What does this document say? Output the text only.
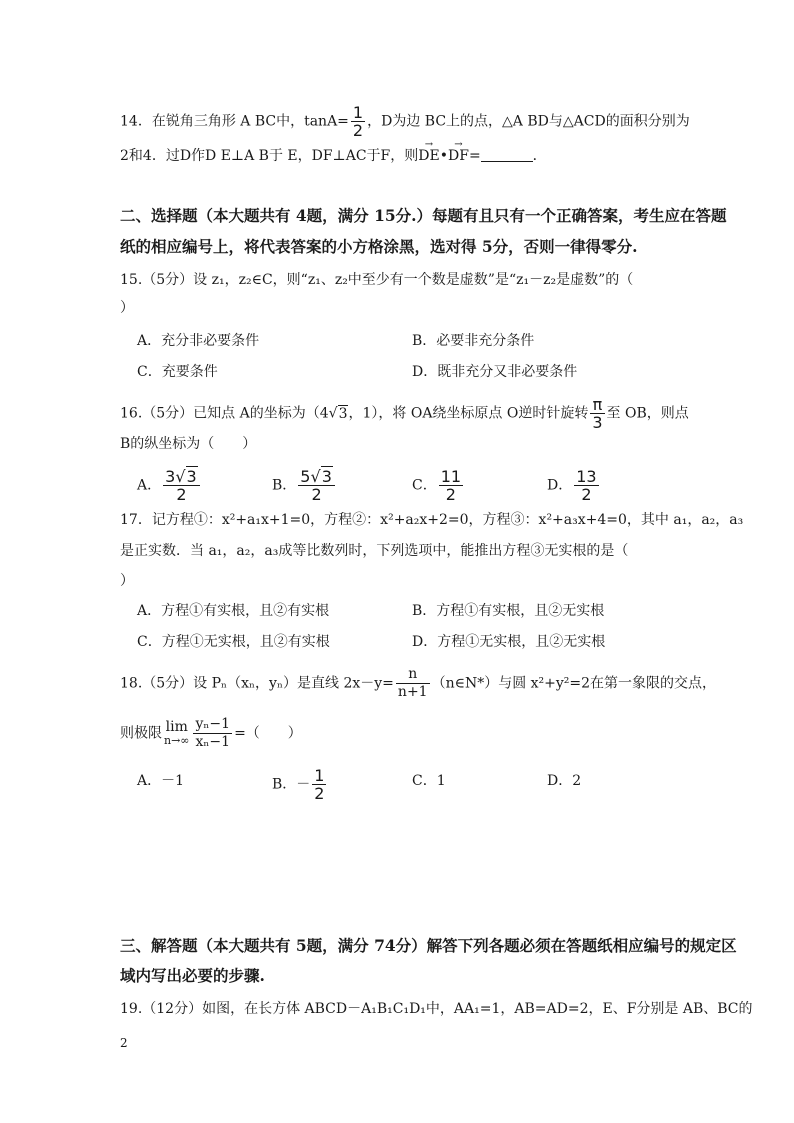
14．在锐角三角形 A BC中，$\tan A= \frac{1}{2}$ ，D为边 BC上的点，△A BD与△ACD的面积分别为
2和4．过D作D E⊥A B于 E，DF⊥AC于F，则→ DE•→ DF=	．
二、选择题（本大题共有 4题，满分 15分.）每题有且只有一个正确答案，考生应在答题
纸的相应编号上，将代表答案的小方格涂黑，选对得 5分，否则一律得零分.
15.（5分）设 z₁，z₂∈C，则“z₁、z₂中至少有一个数是虚数”是“z₁－z₂是虚数”的（
）
A．充分非必要条件	B．必要非充分条件
C．充要条件	D．既非充分又非必要条件
16.（5分）已知点 A的坐标为（4√3，1），将 OA绕坐标原点 O逆时针旋转 $\frac{\pi}{3}$ 至 OB，则点
B的纵坐标为（　　）
A． $\frac{3√3}{2}$	B． $\frac{5√3}{2}$	C． $\frac{11}{2}$	D． $\frac{13}{2}$
17．记方程①：x²+a₁x+1=0，方程②：x²+a₂x+2=0，方程③：x²+a₃x+4=0，其中 a₁，a₂，a₃
是正实数．当 a₁，a₂，a₃成等比数列时，下列选项中，能推出方程③无实根的是（
）
A．方程①有实根，且②有实根	B．方程①有实根，且②无实根
C．方程①无实根，且②有实根	D．方程①无实根，且②无实根
18.（5分）设 Pₙ（xₙ，yₙ）是直线 $2x-y= \frac{n}{n+1}$ （n∈N*）与圆 x²+y²=2在第一象限的交点，
则极限 lim
$n\to\infty \frac{\text{yₙ−1}}{\text{xₙ−1}}$ =（　　）
A．－1	B．－ $\frac{1}{2}$	C．1	D．2
三、解答题（本大题共有 5题，满分 74分）解答下列各题必须在答题纸相应编号的规定区
域内写出必要的步骤.
19.（12分）如图，在长方体 ABCD－A₁B₁C₁D₁中，AA₁=1，AB=AD=2，E、F分别是 AB、BC的
2
